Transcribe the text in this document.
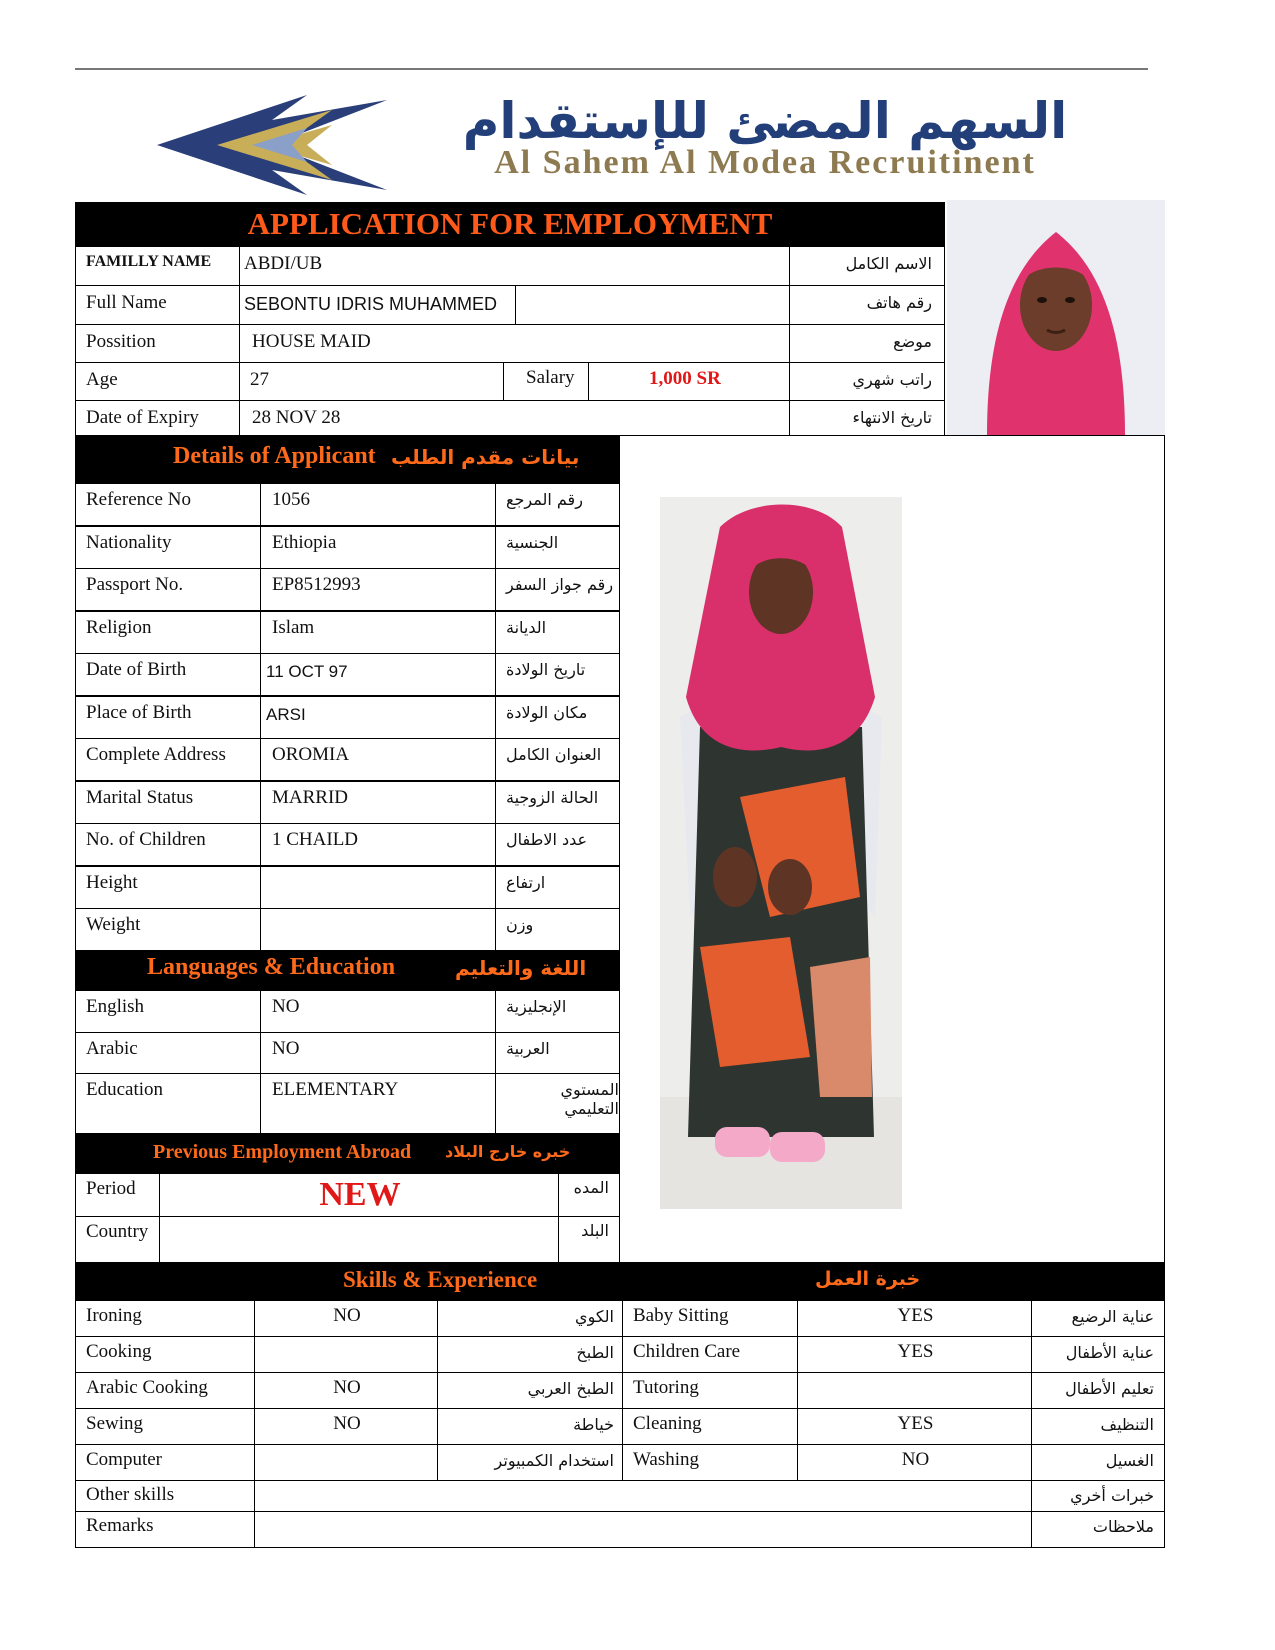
السهم المضئ للإستقدام
Al Sahem Al Modea Recruitinent
APPLICATION FOR EMPLOYMENT
FAMILLY NAME ABDI/UB	الاسم الكامل
Full Name	SEBONTU IDRIS MUHAMMED	رقم هاتف
Possition	HOUSE MAID	موضع
Age	27	Salary	1,000 SR	راتب شهري
Date of Expiry	28 NOV 28	تاريخ الانتهاء
Details of Applicant بيانات مقدم الطلب
Reference No	1056	رقم المرجع
Nationality	Ethiopia	الجنسية
Passport No.	EP8512993	رقم جواز السفر
Religion	Islam	الديانة
Date of Birth	11 OCT 97	تاريخ الولادة
Place of Birth	ARSI	مكان الولادة
Complete Address OROMIA	العنوان الكامل
Marital Status	MARRID	الحالة الزوجية
No. of Children	1 CHAILD	عدد الاطفال
Height	ارتفاع
Weight	وزن
Languages & Education	اللغة والتعليم
English	NO	الإنجليزية
Arabic	NO	العربية
Education	ELEMENTARY	المستوي التعليمي
Previous Employment Abroad خبره خارج البلاد
Period	NEW	المده
Country	البلد
Skills & Experience	خبرة العمل
Ironing	NO	الكوي Baby Sitting	YES	عناية الرضيع
Cooking	الطبخ Children Care	YES	عناية الأطفال
Arabic Cooking	NO	الطبخ العربي Tutoring	تعليم الأطفال
Sewing	NO	خياطة Cleaning	YES	التنظيف
Computer	استخدام الكمبيوتر Washing	NO	الغسيل
Other skills	خبرات أخري
Remarks	ملاحظات
